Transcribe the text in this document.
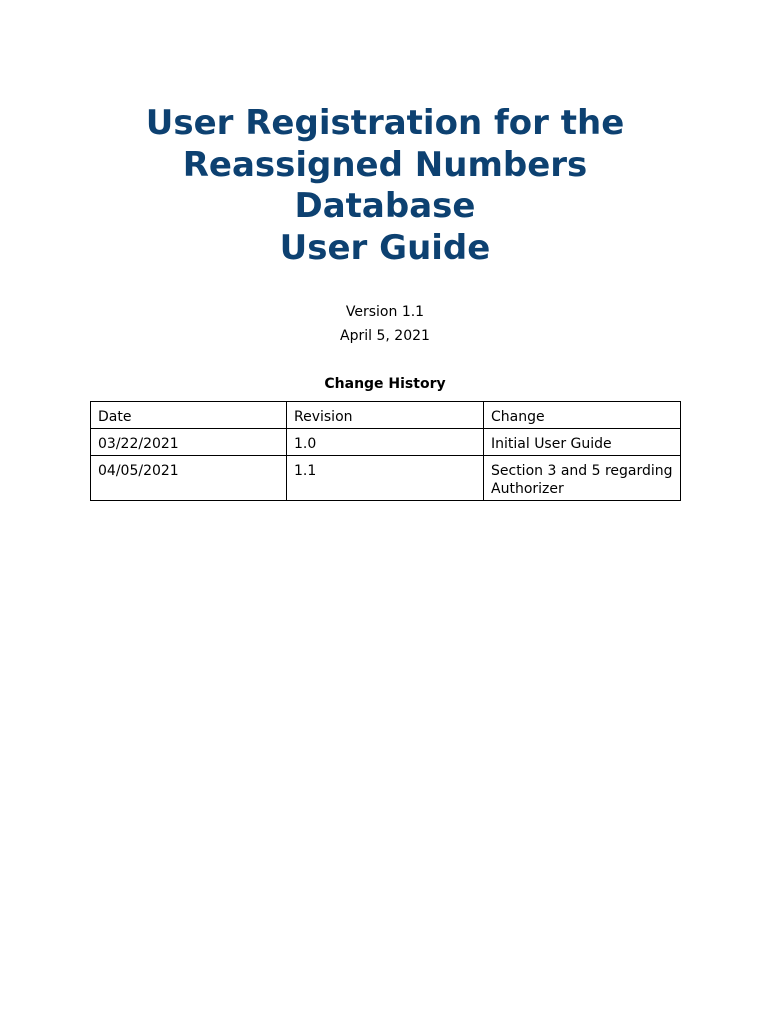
User Registration for the
Reassigned Numbers
Database
User Guide
Version 1.1
April 5, 2021
Change History
Date	Revision	Change
03/22/2021	1.0	Initial User Guide
04/05/2021	1.1	Section 3 and 5 regarding Authorizer
